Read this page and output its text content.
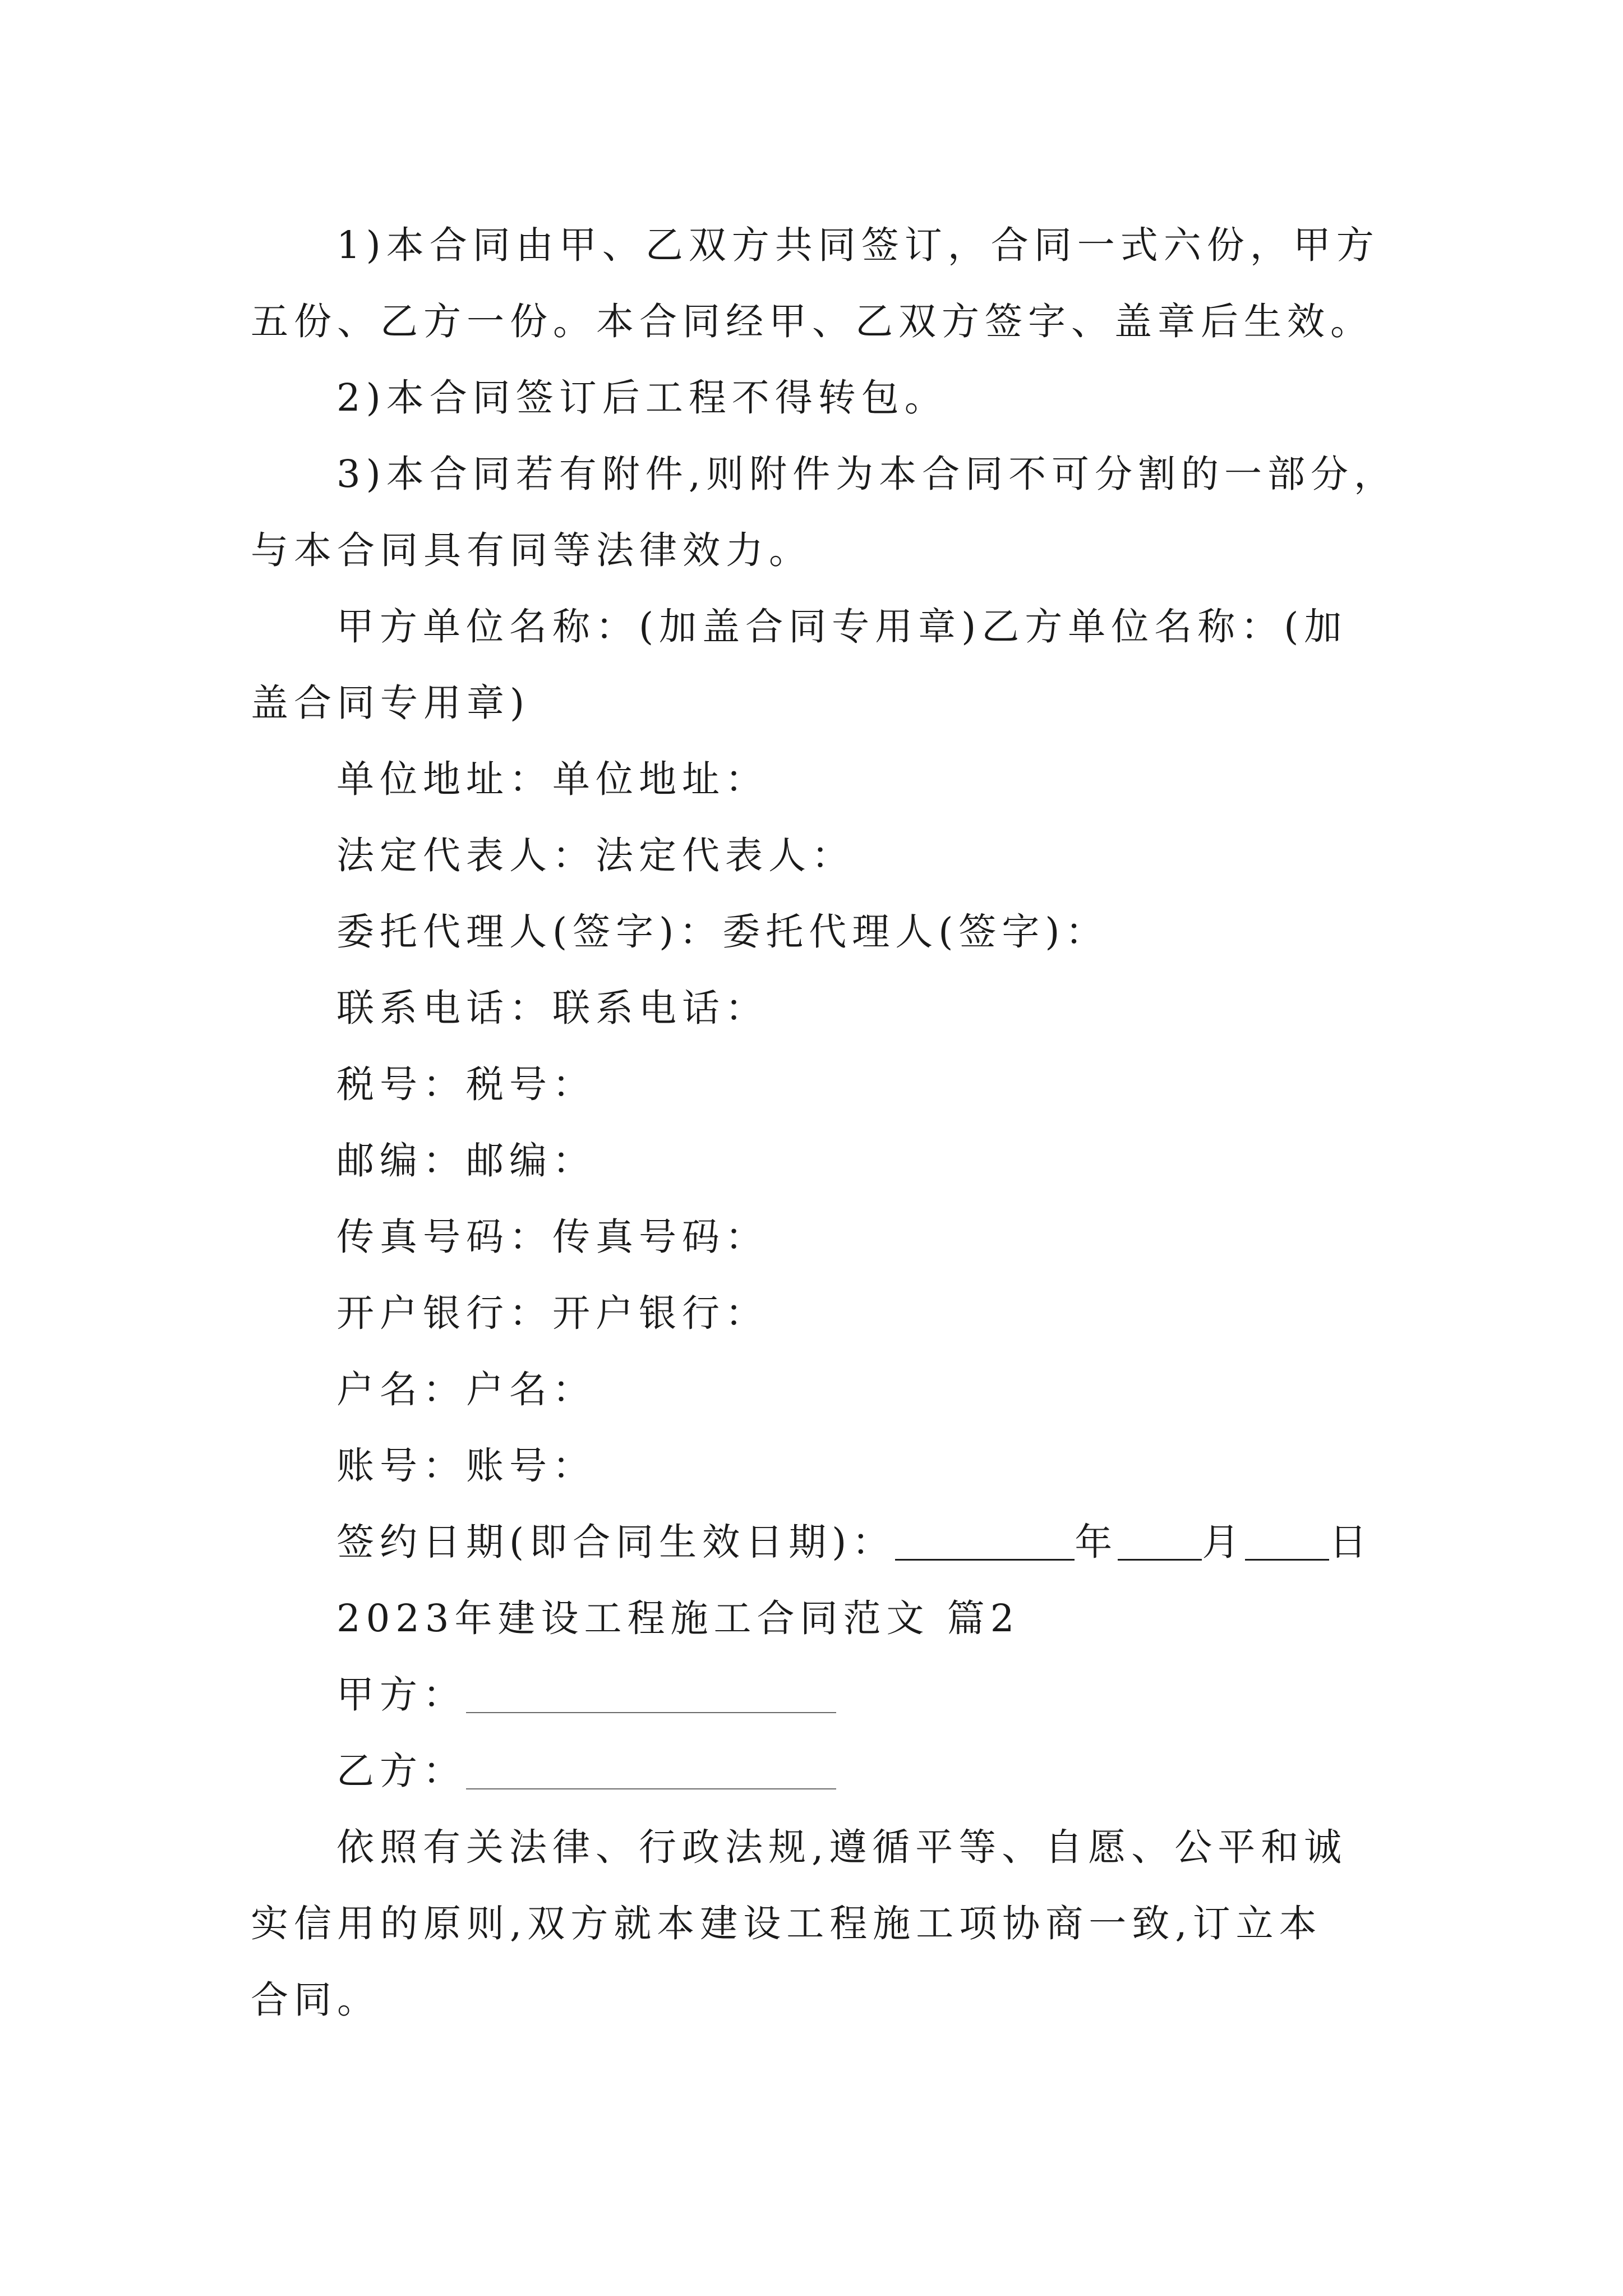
1)本合同由甲、乙双方共同签订，合同一式六份，甲方
五份、乙方一份。本合同经甲、乙双方签字、盖章后生效。
2)本合同签订后工程不得转包。
3)本合同若有附件,则附件为本合同不可分割的一部分，
与本合同具有同等法律效力。
甲方单位名称：(加盖合同专用章)乙方单位名称：(加
盖合同专用章)
单位地址：单位地址：
法定代表人：法定代表人：
委托代理人(签字)：委托代理人(签字)：
联系电话：联系电话：
税号：税号：
邮编：邮编：
传真号码：传真号码：
开户银行：开户银行：
户名：户名：
账号：账号：
签约日期(即合同生效日期)：	年 月 日
2023年建设工程施工合同范文 篇2
甲方：
乙方：
依照有关法律、行政法规,遵循平等、自愿、公平和诚
实信用的原则,双方就本建设工程施工项协商一致,订立本
合同。
